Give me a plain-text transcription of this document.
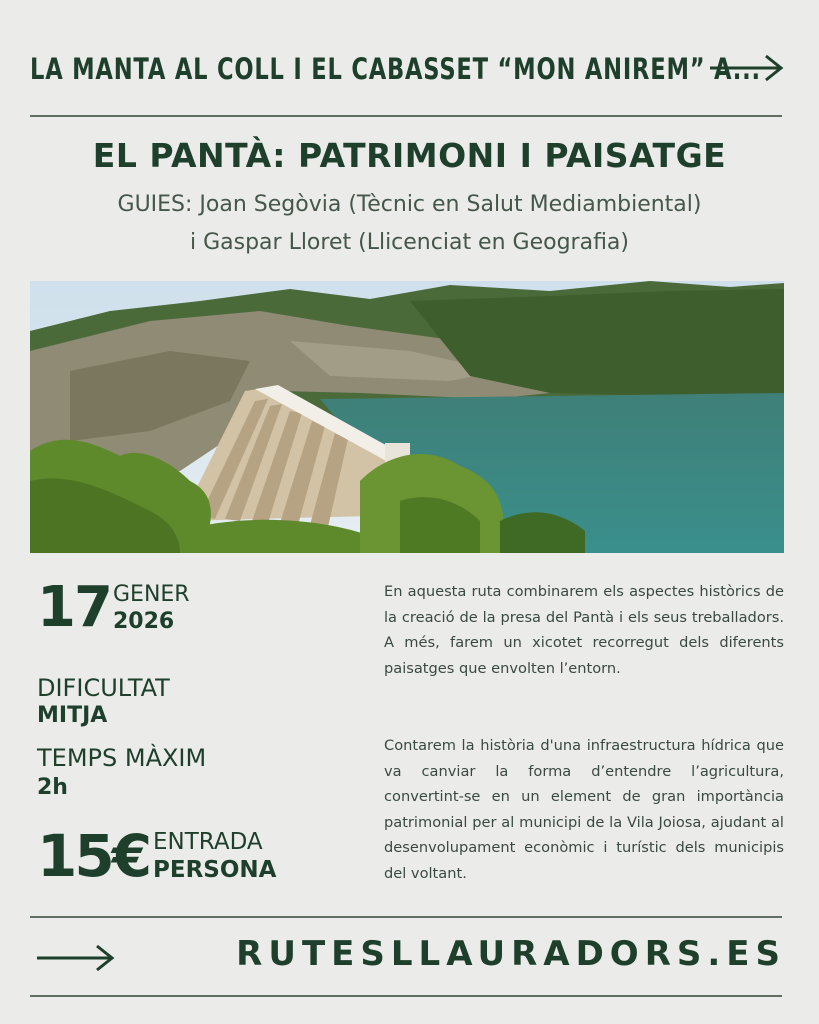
LA MANTA AL COLL I EL CABASSET “MON ANIREM” A...
EL PANTÀ: PATRIMONI I PAISATGE
GUIES: Joan Segòvia (Tècnic en Salut Mediambiental)
i Gaspar Lloret (Llicenciat en Geografia)
17 GENER
2026
DIFICULTAT
MITJA
TEMPS MÀXIM
2h
15€ ENTRADA
PERSONA
En aquesta ruta combinarem els aspectes històrics de la creació de la presa del Pantà i els seus treballadors. A més, farem un xicotet recorregut dels diferents paisatges que envolten l’entorn.
Contarem la història d'una infraestructura hídrica que va canviar la forma d’entendre l’agricultura, convertint-se en un element de gran importància patrimonial per al municipi de la Vila Joiosa, ajudant al desenvolupament econòmic i turístic dels municipis del voltant.
RUTESLLAURADORS.ES
